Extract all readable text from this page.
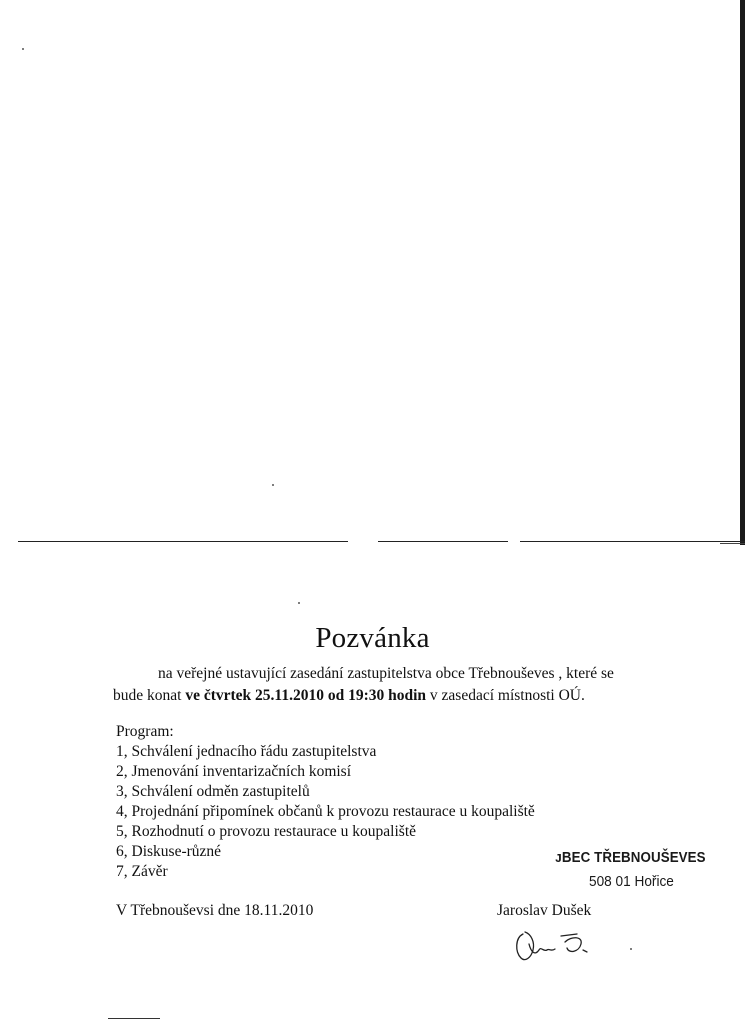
Pozvánka
na veřejné ustavující zasedání zastupitelstva obce Třebnouševes , které se
bude konat ve čtvrtek 25.11.2010 od 19:30 hodin v zasedací místnosti OÚ.
Program:
1, Schválení jednacího řádu zastupitelstva
2, Jmenování inventarizačních komisí
3, Schválení odměn zastupitelů
4, Projednání připomínek občanů k provozu restaurace u koupaliště
5, Rozhodnutí o provozu restaurace u koupaliště
6, Diskuse-různé
7, Závěr
ᴊBEC TŘEBNOUŠEVES
508 01 Hořice
V Třebnouševsi dne 18.11.2010	Jaroslav Dušek
